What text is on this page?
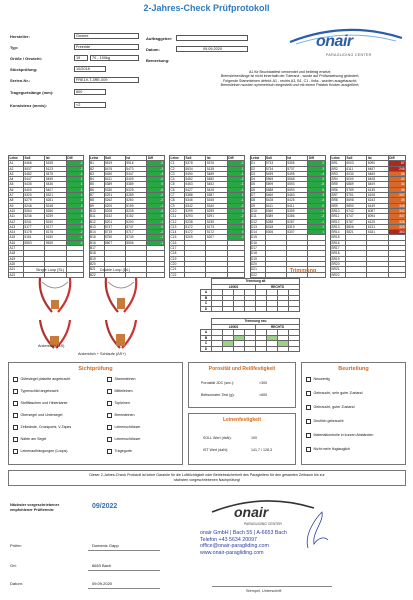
2-Jahres-Check Prüfprotokoll
Hersteller:	Gnome
Typ:	Freeride
Größe / Gewicht:	19	70 - 100kg
Stückprüfung:	10/2018
Serien-Nr.:	FRE19-T-3RE-009
Tragegurtslänge (mm):	800
Konsistenz (mm/s):	<2
Auftraggeber:
Datum:	09.09.2020
Bemerkung:
onair
PARAGLIDING CENTER
A1 für Bruchlastfest verwendet und beliebig ersetzt;
Bremsleinenlänge ist nicht innerhalb der Toleranz - wurde auf Prüfanweisung geändert;
Folgende Stammleinen defekt: A1 - rechts A3, B1, C1 - links - wurden ausgetauscht;
Bremsleinen wurden symmetrisch eingestellt und mit einem Palstek Knoten ausgeführt;
Leine	Soll	Ist	Diff
A1	5466	5155	-2
A2	5537	5123	-2
A3	5482	5475	-1
A4	5447	5455	1
A5	5435	5436	1
A6	5400	5407	-1
A7	5320	5321	1
A8	5279	5281	2
A9	5246	5248	2
A10	5264	5266	2
A11	5236	5239	3
A12	5241	5240	-1
A13	5177	5177	0
A14	5178	5176	-2
A15	5151	5150	-1
A16	5553	5549	-4
A17			
A18			
A19			
A20			
A21			
A22			
Leine	Soll	Ist	Diff
B1	5519	5516	-3
B2	5476	5473	-3
B3	5450	5447	-3
B4	5411	5409	-2
B5	5389	5389	0
B6	5330	5325	-5
B7	5291	5289	-2
B8	5262	5260	-2
B9	5200	5199	-1
B10	5208	5205	-3
B11	5152	5152	0
B12	5201	5200	-1
B13	5747	5747	0
B14	5719	5717	-2
B15	5750	5749	-1
B16	5507	5506	-1
B17			
B18			
B19			
B20			
B21			
B22			
Leine	Soll	Ist	Diff
C1	5378	5376	-2
C2	5534	5135	1
C3	5490	5489	-1
C4	5482	5480	-2
C5	5453	5452	-1
C6	5427	5426	-1
C7	5386	5387	1
C8	5346	5345	-1
C9	5342	5340	-2
C10	5299	5299	0
C11	5293	5291	-2
C12	5238	5235	-3
C13	5172	5173	1
C14	5172	5172	0
C15	5209	5207	-2
C16			
C17			
C18			
C19			
C20			
C21			
C22			
Leine	Soll	Ist	Diff
D1	5733	5355	2
D2	5734	5737	3
D3	5499	5495	-4
D4	5565	5568	3
D5	5599	5593	-6
D6	5588	5593	5
D7	5460	5463	3
D8	5428	5425	-3
D9	5411	5411	0
D10	5360	5359	-1
D11	5389	5386	-3
D12	5288	5287	-1
D13	5318	5319	1
D14	5306	5307	1
D15			
D16			
D17			
D18			
D19			
D20			
D21			
D22			
Leine	Soll	Ist	Diff
BR1	6003	6090	87
BR2	6111	6457	246
BR3	6030	6465	55
BR4	6000	6408	40
BR5	6889	6409	34
BR6	5789	6135	46
BR7	5751	6108	347
BR8	5698	6243	35
BR9	5890	6149	348
BR10	5742	6087	342
BR11	5747	6094	347
BR12	5787	6125	338
BR13	5806	6131	325
BR14	5821	6181	360
BR15			
BR16			
BR17			
BR18			
BR19			
BR20			
BR21			
BR22			
Single Loop (SL)	Double Loop (DL)
Ankerstich (AS)
Ankerstich + Schlaufe (AS+)
Trimmung
	Trimmung alt							
	LINKS				RECHTS			
A								
B								
C								
D								
	Trimmung neu							
	LINKS				RECHTS			
A								
B								
C								
D								
Sichtprüfung
Gütesiegel plakette angebracht
Typenschild angebracht
Stoffflaschen und Hinterkante
Obersegel und Untersegel
Zellwände, Crossports, V-Tapes
Nähte am Segel
Leinenaufhängungen (Loops)
Stammleinen
Mittelleinen
Topleinen
Bremsleinen
Leinenschlösser
Leinenschlösser
Tragegurte
Porosität und Reißfestigkeit
Porosität JDC (sec.):	>300
Bettsomater-Test (g):	>600
Leinenfestigkeit
SOLL Wert (daN):	100
IST Wert (daN):	141,7 / 128,3
Beurteilung
Neuwertig
Gebraucht, sehr guter Zustand
Gebraucht, guter Zustand
Deutlich gebraucht
Materialkontrolle in kurzen Abständen
Nicht mehr flugtauglich
Dieser 2-Jahres-Check Protokoll ist keine Garantie für die Lufttüchtigkeit oder Betriebssicherheit des Paragleiters für den gesamten Zeitraum bis zur
nächsten vorgeschriebenen Nachprüfung!
Nächster vorgeschriebener
empfohlener Prüftermin:	09/2022
Prüfer:	Domenic Gapp
Ort:	6653 Bach
Datum:	09.09.2020
onair
PARAGLIDING CENTER
onair GmbH | Bach 55 | A-6653 Bach
Telefon +43 5634 20097
office@onair-paragliding.com
www.onair-paragliding.com
Stempel, Unterschrift
